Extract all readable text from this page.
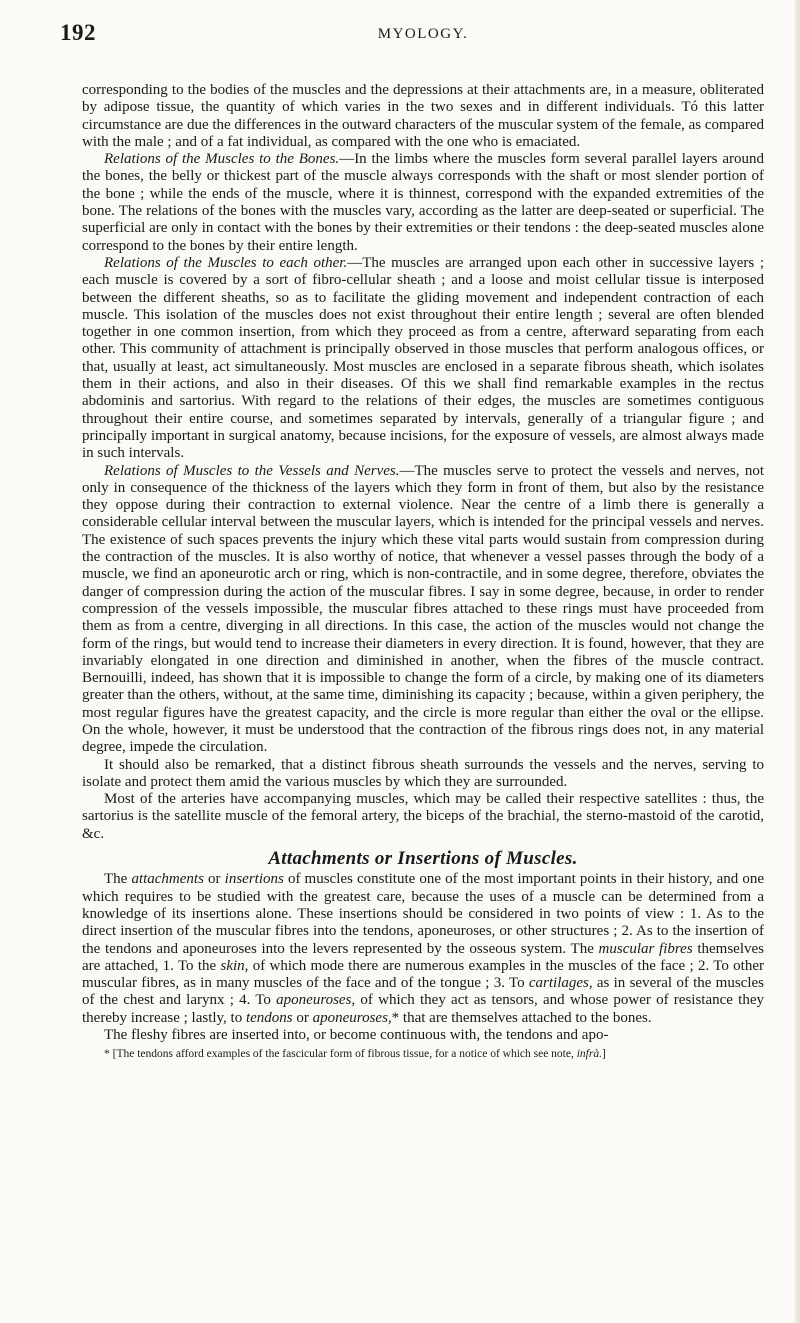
192	MYOLOGY.

corresponding to the bodies of the muscles and the depressions at their attachments are, in a measure, obliterated by adipose tissue, the quantity of which varies in the two sexes and in different individuals. Tó this latter circumstance are due the differences in the outward characters of the muscular system of the female, as compared with the male ; and of a fat individual, as compared with the one who is emaciated.

Relations of the Muscles to the Bones.—In the limbs where the muscles form several parallel layers around the bones, the belly or thickest part of the muscle always corresponds with the shaft or most slender portion of the bone ; while the ends of the muscle, where it is thinnest, correspond with the expanded extremities of the bone. The relations of the bones with the muscles vary, according as the latter are deep-seated or superficial. The superficial are only in contact with the bones by their extremities or their tendons : the deep-seated muscles alone correspond to the bones by their entire length.

Relations of the Muscles to each other.—The muscles are arranged upon each other in successive layers ; each muscle is covered by a sort of fibro-cellular sheath ; and a loose and moist cellular tissue is interposed between the different sheaths, so as to facilitate the gliding movement and independent contraction of each muscle. This isolation of the muscles does not exist throughout their entire length ; several are often blended together in one common insertion, from which they proceed as from a centre, afterward separating from each other. This community of attachment is principally observed in those muscles that perform analogous offices, or that, usually at least, act simultaneously. Most muscles are enclosed in a separate fibrous sheath, which isolates them in their actions, and also in their diseases. Of this we shall find remarkable examples in the rectus abdominis and sartorius. With regard to the relations of their edges, the muscles are sometimes contiguous throughout their entire course, and sometimes separated by intervals, generally of a triangular figure ; and principally important in surgical anatomy, because incisions, for the exposure of vessels, are almost always made in such intervals.

Relations of Muscles to the Vessels and Nerves.—The muscles serve to protect the vessels and nerves, not only in consequence of the thickness of the layers which they form in front of them, but also by the resistance they oppose during their contraction to external violence. Near the centre of a limb there is generally a considerable cellular interval between the muscular layers, which is intended for the principal vessels and nerves. The existence of such spaces prevents the injury which these vital parts would sustain from compression during the contraction of the muscles. It is also worthy of notice, that whenever a vessel passes through the body of a muscle, we find an aponeurotic arch or ring, which is non-contractile, and in some degree, therefore, obviates the danger of compression during the action of the muscular fibres. I say in some degree, because, in order to render compression of the vessels impossible, the muscular fibres attached to these rings must have proceeded from them as from a centre, diverging in all directions. In this case, the action of the muscles would not change the form of the rings, but would tend to increase their diameters in every direction. It is found, however, that they are invariably elongated in one direction and diminished in another, when the fibres of the muscle contract. Bernouilli, indeed, has shown that it is impossible to change the form of a circle, by making one of its diameters greater than the others, without, at the same time, diminishing its capacity ; because, within a given periphery, the most regular figures have the greatest capacity, and the circle is more regular than either the oval or the ellipse. On the whole, however, it must be understood that the contraction of the fibrous rings does not, in any material degree, impede the circulation.

It should also be remarked, that a distinct fibrous sheath surrounds the vessels and the nerves, serving to isolate and protect them amid the various muscles by which they are surrounded.

Most of the arteries have accompanying muscles, which may be called their respective satellites : thus, the sartorius is the satellite muscle of the femoral artery, the biceps of the brachial, the sterno-mastoid of the carotid, &c.

Attachments or Insertions of Muscles.

The attachments or insertions of muscles constitute one of the most important points in their history, and one which requires to be studied with the greatest care, because the uses of a muscle can be determined from a knowledge of its insertions alone. These insertions should be considered in two points of view : 1. As to the direct insertion of the muscular fibres into the tendons, aponeuroses, or other structures ; 2. As to the insertion of the tendons and aponeuroses into the levers represented by the osseous system. The muscular fibres themselves are attached, 1. To the skin, of which mode there are numerous examples in the muscles of the face ; 2. To other muscular fibres, as in many muscles of the face and of the tongue ; 3. To cartilages, as in several of the muscles of the chest and larynx ; 4. To aponeuroses, of which they act as tensors, and whose power of resistance they thereby increase ; lastly, to tendons or aponeuroses,* that are themselves attached to the bones.

The fleshy fibres are inserted into, or become continuous with, the tendons and apo-

* [The tendons afford examples of the fascicular form of fibrous tissue, for a notice of which see note, infrà.]
